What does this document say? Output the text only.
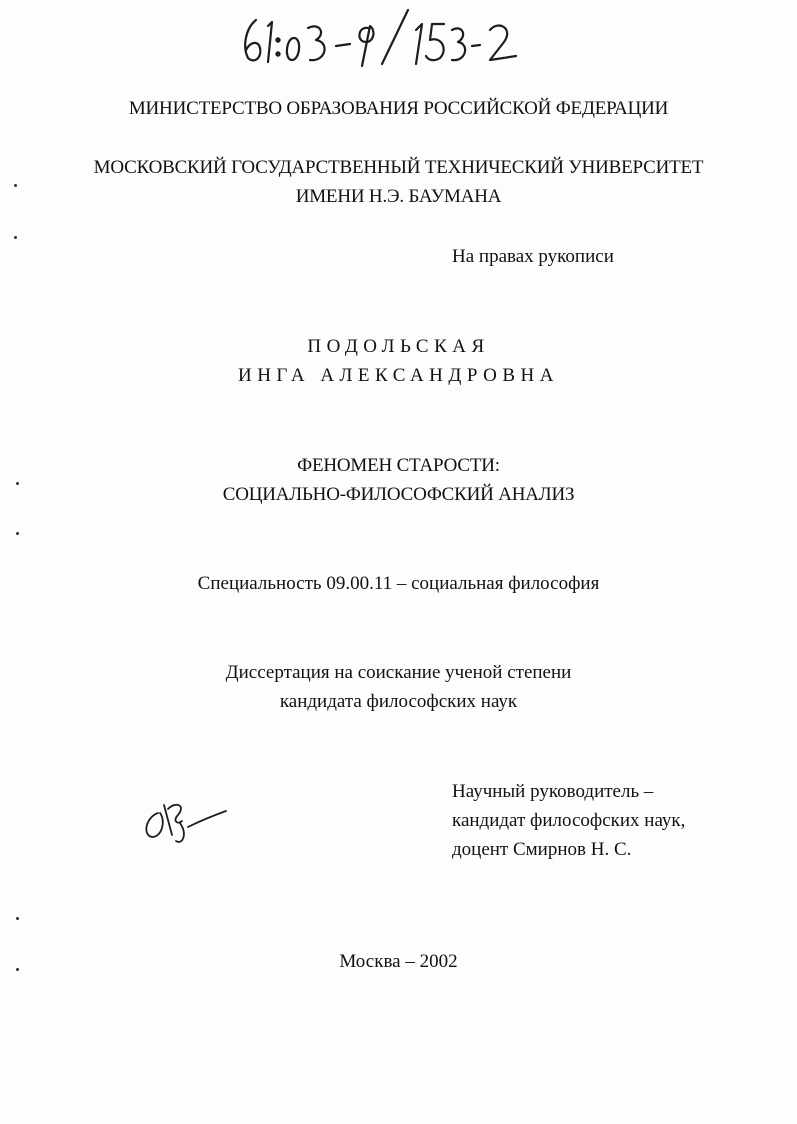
МИНИСТЕРСТВО ОБРАЗОВАНИЯ РОССИЙСКОЙ ФЕДЕРАЦИИ
МОСКОВСКИЙ ГОСУДАРСТВЕННЫЙ ТЕХНИЧЕСКИЙ УНИВЕРСИТЕТ
ИМЕНИ Н.Э. БАУМАНА
На правах рукописи
ПОДОЛЬСКАЯ
ИНГА АЛЕКСАНДРОВНА
ФЕНОМЕН СТАРОСТИ:
СОЦИАЛЬНО-ФИЛОСОФСКИЙ АНАЛИЗ
Специальность 09.00.11 – социальная философия
Диссертация на соискание ученой степени
кандидата философских наук
Научный руководитель –
кандидат философских наук,
доцент Смирнов Н. С.
Москва – 2002
